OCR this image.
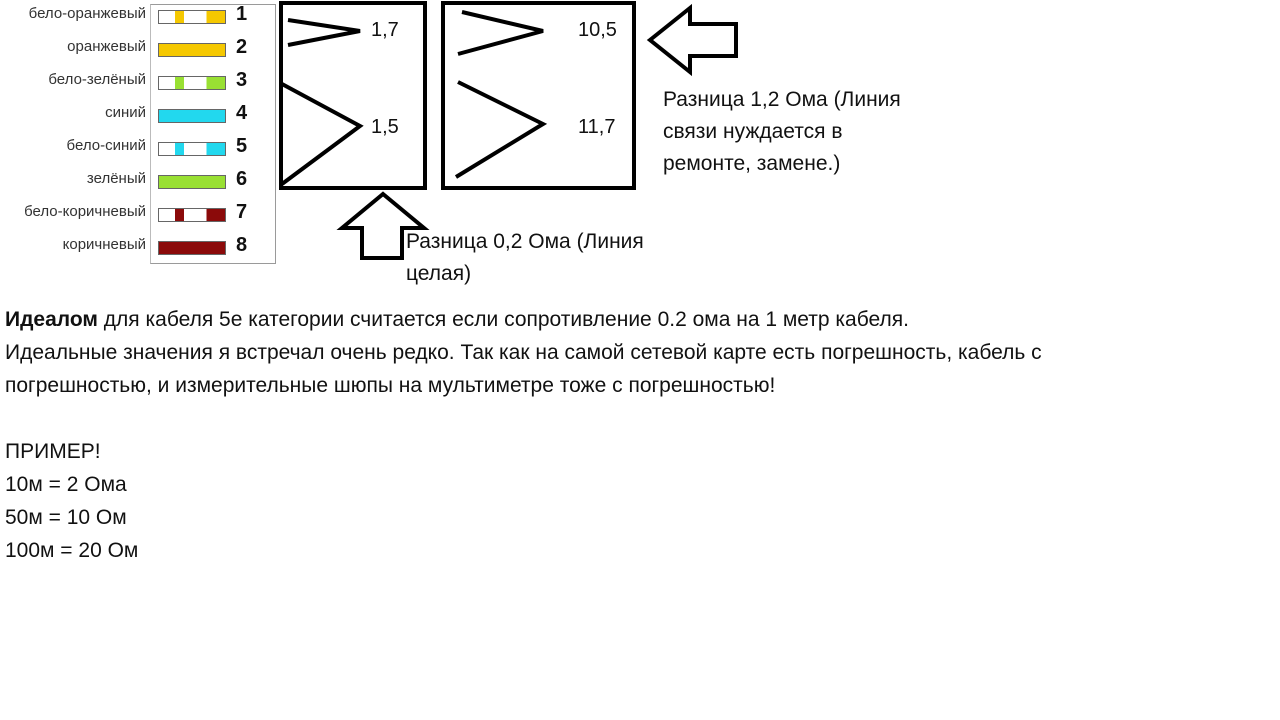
бело-оранжевый	1
оранжевый	2
бело-зелёный	3
синий	4
бело-синий	5
зелёный	6
бело-коричневый	7
коричневый	8
1,7
1,5
10,5
11,7
Разница 1,2 Ома (Линия
связи нуждается в
ремонте, замене.)
Разница 0,2 Ома (Линия
целая)
Идеалом для кабеля 5е категории считается если сопротивление 0.2 ома на 1 метр кабеля.
Идеальные значения я встречал очень редко. Так как на самой сетевой карте есть погрешность, кабель с
погрешностью, и измерительные шюпы на мультиметре тоже с погрешностью!
ПРИМЕР!
10м = 2 Ома
50м = 10 Ом
100м = 20 Ом
